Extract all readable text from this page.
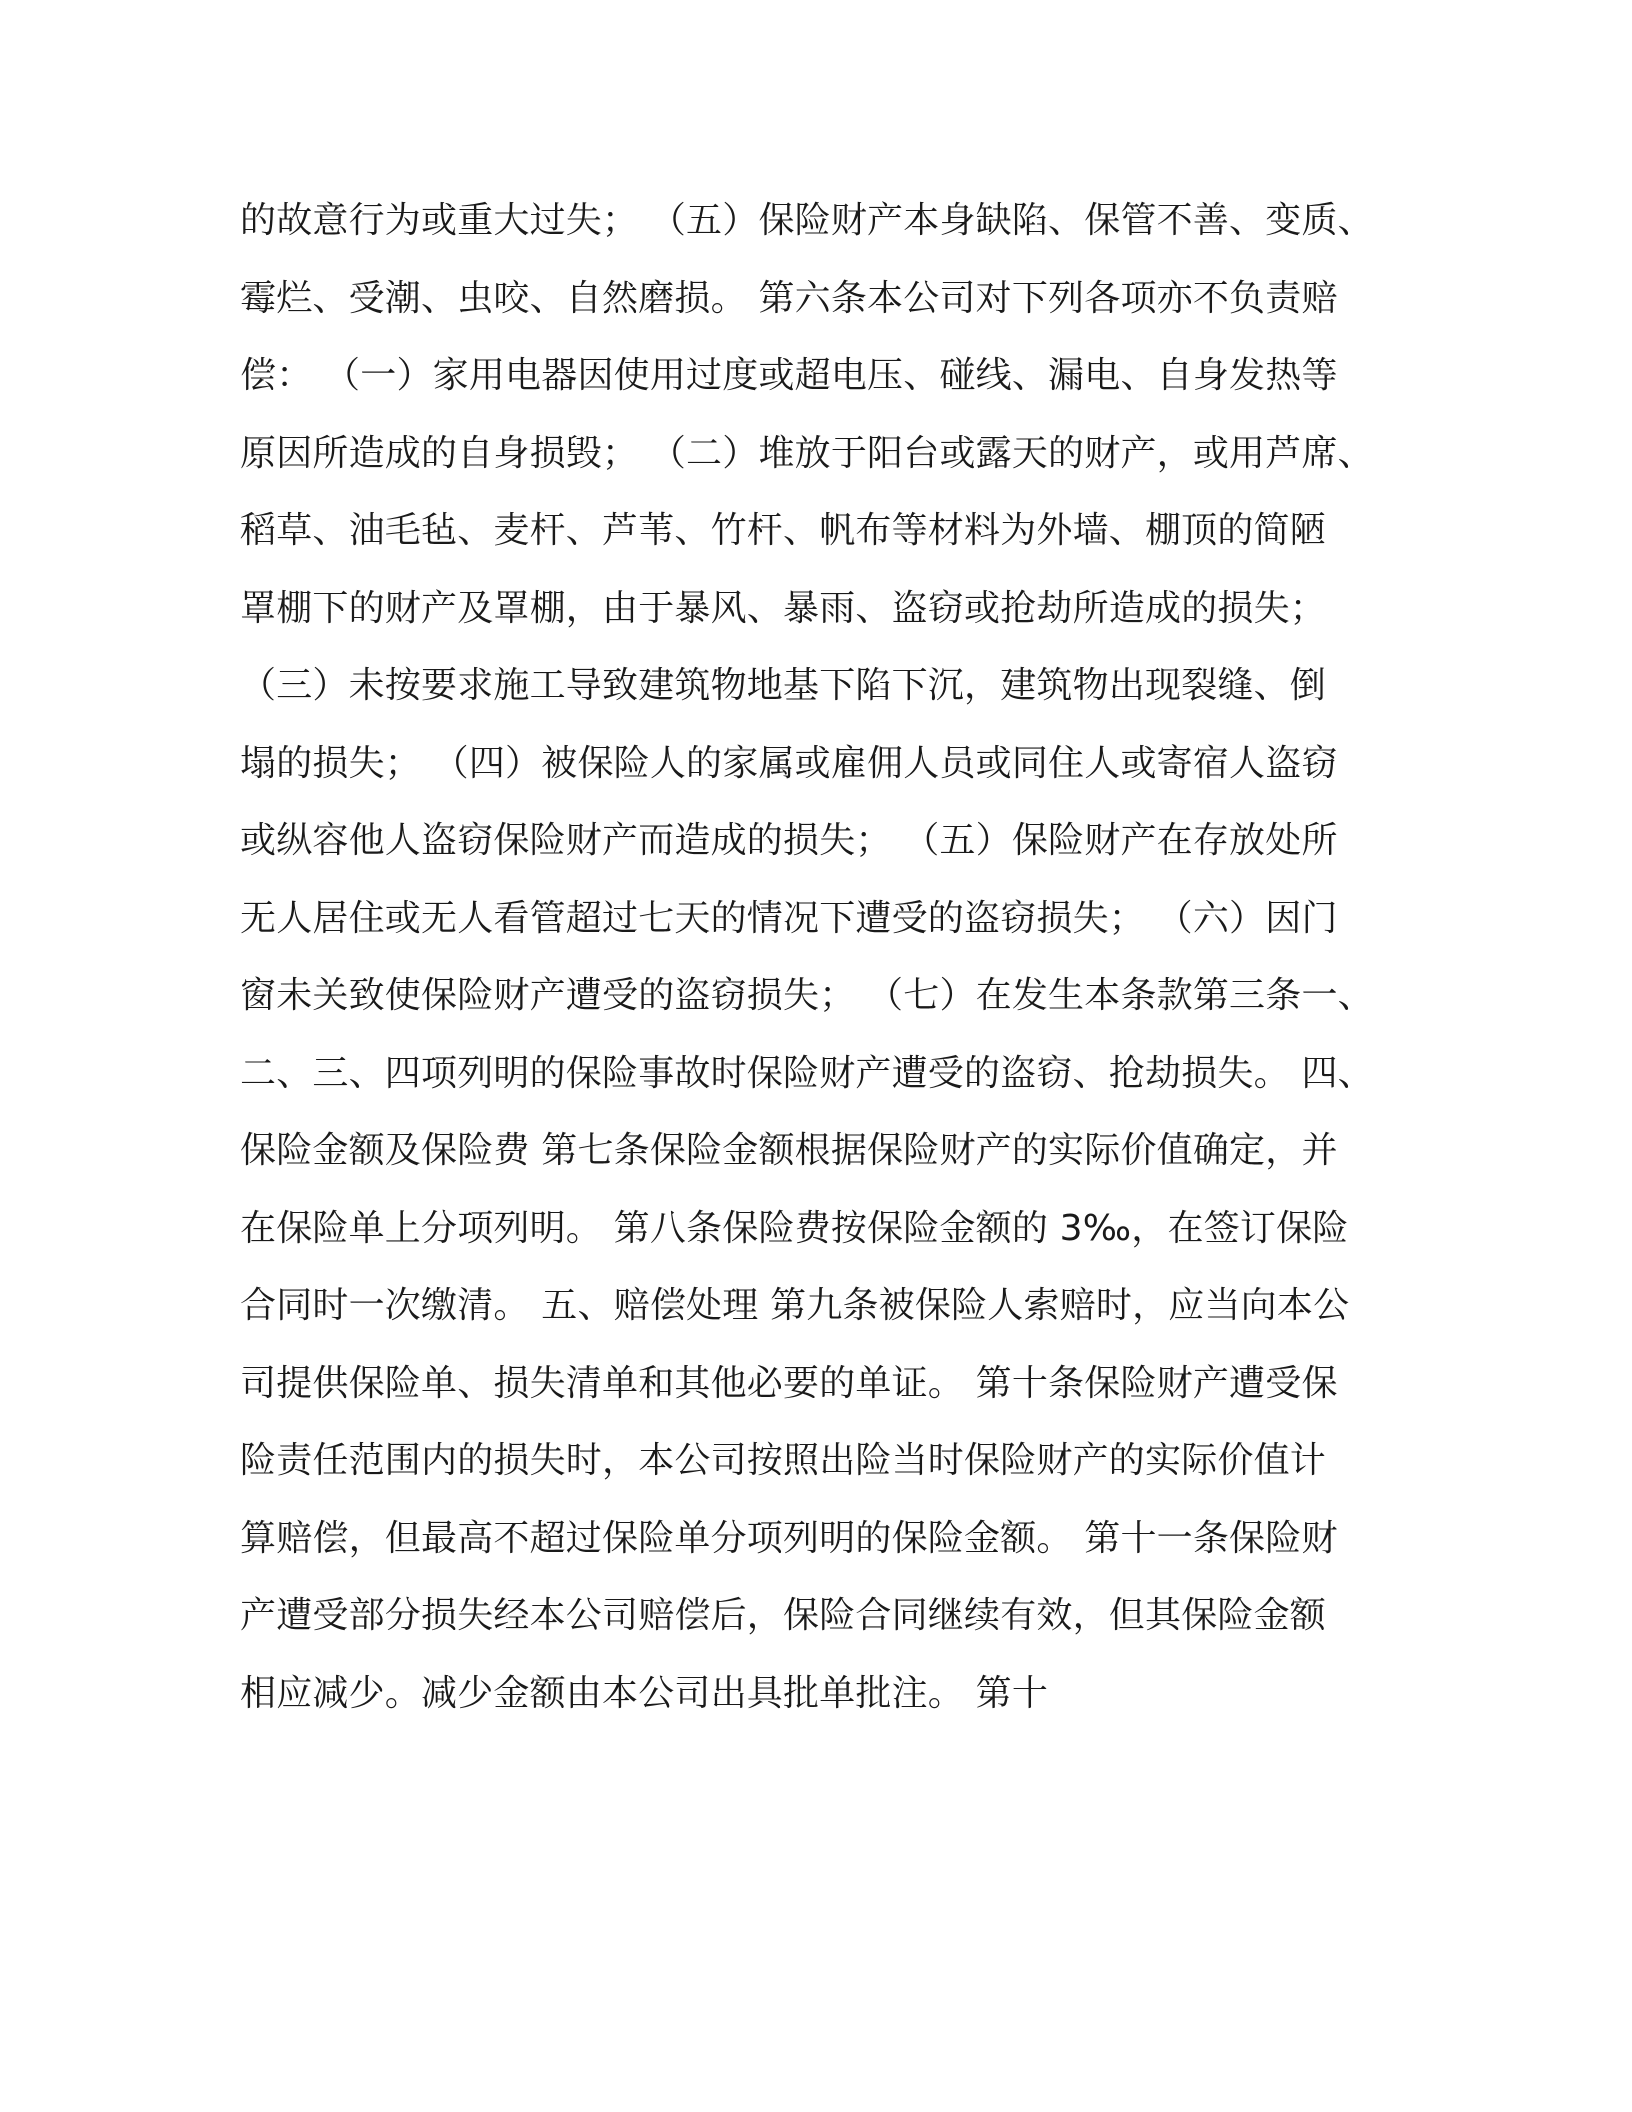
的故意行为或重大过失； （五）保险财产本身缺陷、保管不善、变质、
霉烂、受潮、虫咬、自然磨损。 第六条本公司对下列各项亦不负责赔
偿： （一）家用电器因使用过度或超电压、碰线、漏电、自身发热等
原因所造成的自身损毁； （二）堆放于阳台或露天的财产，或用芦席、
稻草、油毛毡、麦杆、芦苇、竹杆、帆布等材料为外墙、棚顶的简陋
罩棚下的财产及罩棚，由于暴风、暴雨、盗窃或抢劫所造成的损失；
（三）未按要求施工导致建筑物地基下陷下沉，建筑物出现裂缝、倒
塌的损失； （四）被保险人的家属或雇佣人员或同住人或寄宿人盗窃
或纵容他人盗窃保险财产而造成的损失； （五）保险财产在存放处所
无人居住或无人看管超过七天的情况下遭受的盗窃损失； （六）因门
窗未关致使保险财产遭受的盗窃损失； （七）在发生本条款第三条一、
二、三、四项列明的保险事故时保险财产遭受的盗窃、抢劫损失。 四、
保险金额及保险费 第七条保险金额根据保险财产的实际价值确定，并
在保险单上分项列明。 第八条保险费按保险金额的 3‰，在签订保险
合同时一次缴清。 五、赔偿处理 第九条被保险人索赔时，应当向本公
司提供保险单、损失清单和其他必要的单证。 第十条保险财产遭受保
险责任范围内的损失时，本公司按照出险当时保险财产的实际价值计
算赔偿，但最高不超过保险单分项列明的保险金额。 第十一条保险财
产遭受部分损失经本公司赔偿后，保险合同继续有效，但其保险金额
相应减少。减少金额由本公司出具批单批注。 第十
